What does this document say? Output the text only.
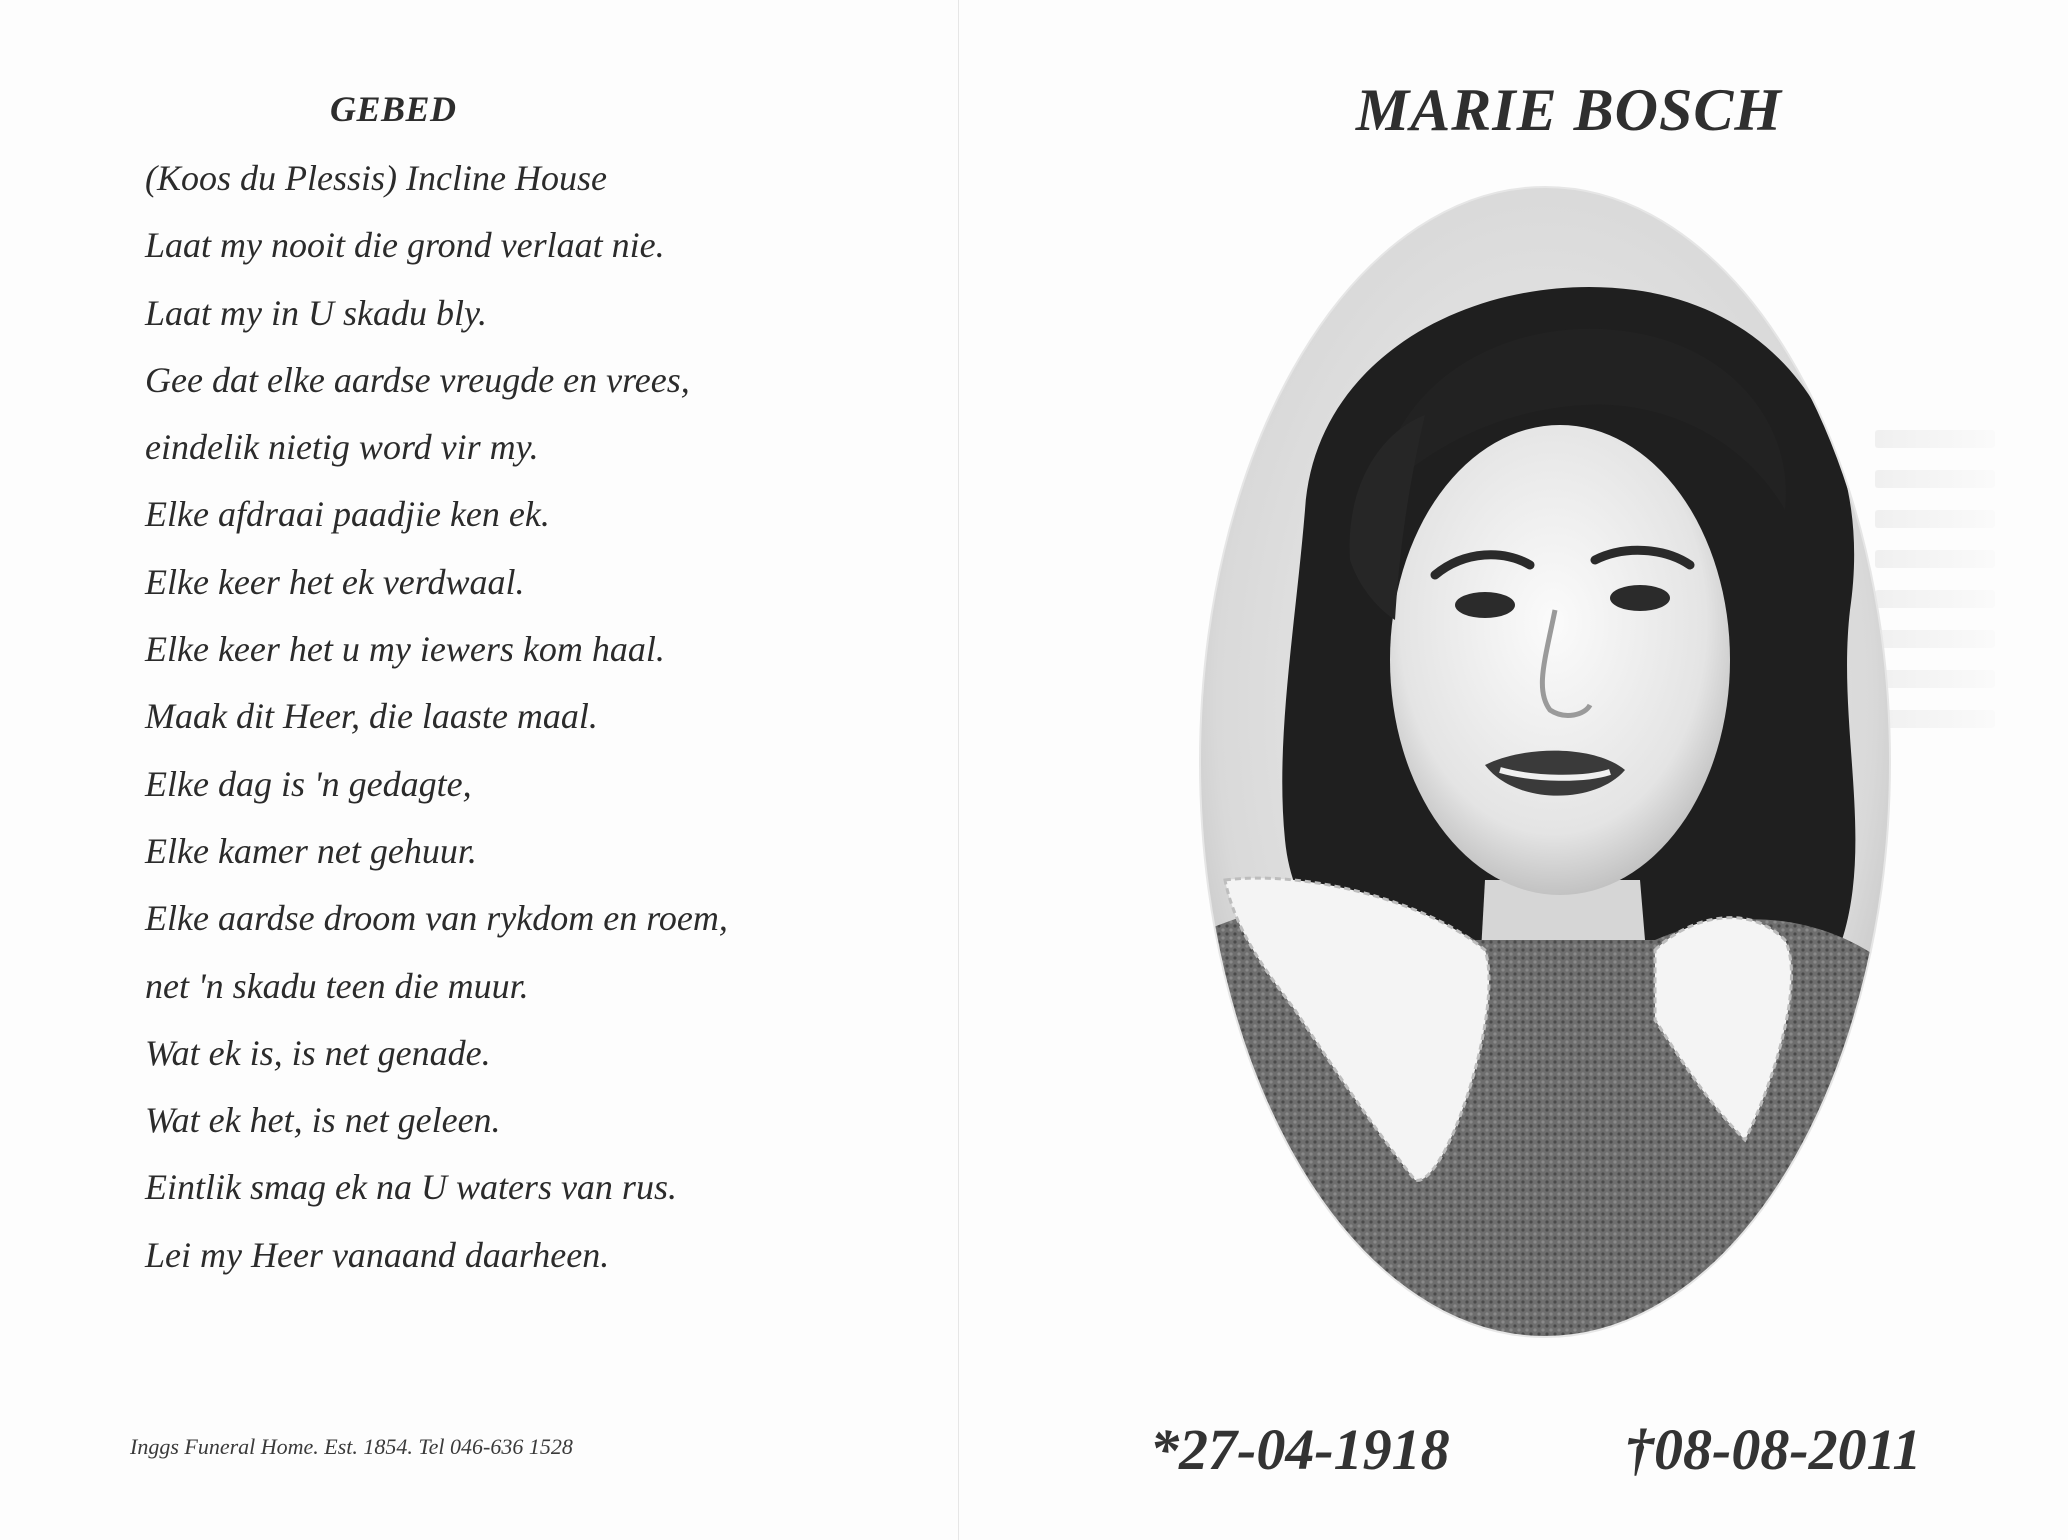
GEBED
(Koos du Plessis) Incline House
Laat my nooit die grond verlaat nie.
Laat my in U skadu bly.
Gee dat elke aardse vreugde en vrees,
eindelik nietig word vir my.
Elke afdraai paadjie ken ek.
Elke keer het ek verdwaal.
Elke keer het u my iewers kom haal.
Maak dit Heer, die laaste maal.
Elke dag is 'n gedagte,
Elke kamer net gehuur.
Elke aardse droom van rykdom en roem,
net 'n skadu teen die muur.
Wat ek is, is net genade.
Wat ek het, is net geleen.
Eintlik smag ek na U waters van rus.
Lei my Heer vanaand daarheen.
Inggs Funeral Home. Est. 1854. Tel 046-636 1528
MARIE BOSCH
*27-04-1918	†08-08-2011
